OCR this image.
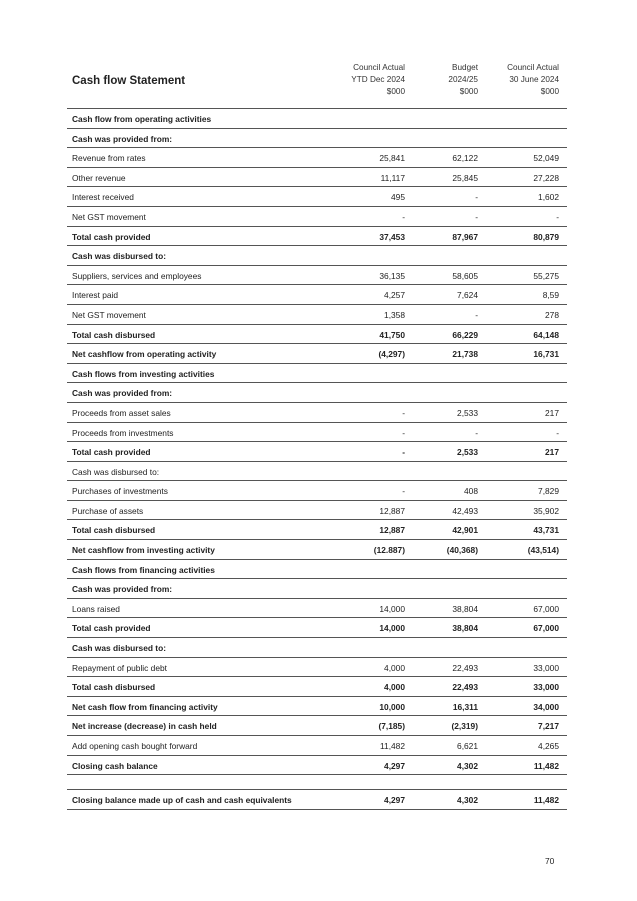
Cash flow Statement
Council Actual
YTD Dec 2024
$000
Budget
2024/25
$000
Council Actual
30 June 2024
$000
Cash flow from operating activities
Cash was provided from:
Revenue from rates	25,841	62,122	52,049
Other revenue	11,117	25,845	27,228
Interest received	495	-	1,602
Net GST movement	-	-	-
Total cash provided	37,453	87,967	80,879
Cash was disbursed to:
Suppliers, services and employees	36,135	58,605	55,275
Interest paid	4,257	7,624	8,59
Net GST movement	1,358	-	278
Total cash disbursed	41,750	66,229	64,148
Net cashflow from operating activity	(4,297)	21,738	16,731
Cash flows from investing activities
Cash was provided from:
Proceeds from asset sales	-	2,533	217
Proceeds from investments	-	-	-
Total cash provided	-	2,533	217
Cash was disbursed to:
Purchases of investments	-	408	7,829
Purchase of assets	12,887	42,493	35,902
Total cash disbursed	12,887	42,901	43,731
Net cashflow from investing activity	(12.887)	(40,368)	(43,514)
Cash flows from financing activities
Cash was provided from:
Loans raised	14,000	38,804	67,000
Total cash provided	14,000	38,804	67,000
Cash was disbursed to:
Repayment of public debt	4,000	22,493	33,000
Total cash disbursed	4,000	22,493	33,000
Net cash flow from financing activity	10,000	16,311	34,000
Net increase (decrease) in cash held	(7,185)	(2,319)	7,217
Add opening cash bought forward	11,482	6,621	4,265
Closing cash balance	4,297	4,302	11,482
Closing balance made up of cash and cash equivalents	4,297	4,302	11,482
70
